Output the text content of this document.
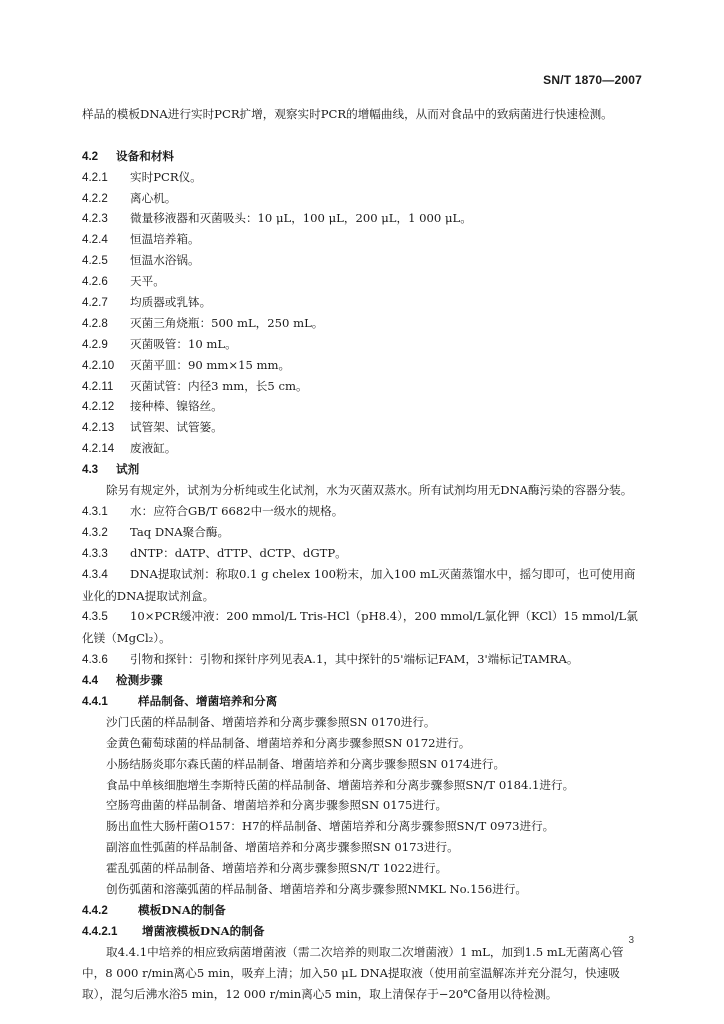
SN/T 1870—2007
样品的模板DNA进行实时PCR扩增，观察实时PCR的增幅曲线，从而对食品中的致病菌进行快速检测。
4.2 设备和材料
4.2.1 实时PCR仪。
4.2.2 离心机。
4.2.3 微量移液器和灭菌吸头：10 μL，100 μL，200 μL，1 000 μL。
4.2.4 恒温培养箱。
4.2.5 恒温水浴锅。
4.2.6 天平。
4.2.7 均质器或乳钵。
4.2.8 灭菌三角烧瓶：500 mL，250 mL。
4.2.9 灭菌吸管：10 mL。
4.2.10 灭菌平皿：90 mm×15 mm。
4.2.11 灭菌试管：内径3 mm，长5 cm。
4.2.12 接种棒、镍铬丝。
4.2.13 试管架、试管篓。
4.2.14 废液缸。
4.3 试剂
除另有规定外，试剂为分析纯或生化试剂，水为灭菌双蒸水。所有试剂均用无DNA酶污染的容器分装。
4.3.1 水：应符合GB/T 6682中一级水的规格。
4.3.2 Taq DNA聚合酶。
4.3.3 dNTP：dATP、dTTP、dCTP、dGTP。
4.3.4 DNA提取试剂：称取0.1 g chelex 100粉末，加入100 mL灭菌蒸馏水中，摇匀即可，也可使用商业化的DNA提取试剂盒。
4.3.5 10×PCR缓冲液：200 mmol/L Tris-HCl（pH8.4），200 mmol/L氯化钾（KCl）15 mmol/L氯化镁（MgCl₂）。
4.3.6 引物和探针：引物和探针序列见表A.1，其中探针的5'端标记FAM，3'端标记TAMRA。
4.4 检测步骤
4.4.1	样品制备、增菌培养和分离
沙门氏菌的样品制备、增菌培养和分离步骤参照SN 0170进行。
金黄色葡萄球菌的样品制备、增菌培养和分离步骤参照SN 0172进行。
小肠结肠炎耶尔森氏菌的样品制备、增菌培养和分离步骤参照SN 0174进行。
食品中单核细胞增生李斯特氏菌的样品制备、增菌培养和分离步骤参照SN/T 0184.1进行。
空肠弯曲菌的样品制备、增菌培养和分离步骤参照SN 0175进行。
肠出血性大肠杆菌O157：H7的样品制备、增菌培养和分离步骤参照SN/T 0973进行。
副溶血性弧菌的样品制备、增菌培养和分离步骤参照SN 0173进行。
霍乱弧菌的样品制备、增菌培养和分离步骤参照SN/T 1022进行。
创伤弧菌和溶藻弧菌的样品制备、增菌培养和分离步骤参照NMKL No.156进行。
4.4.2	模板DNA的制备
4.4.2.1 增菌液模板DNA的制备
取4.4.1中培养的相应致病菌增菌液（需二次培养的则取二次增菌液）1 mL，加到1.5 mL无菌离心管中，8 000 r/min离心5 min，吸弃上清；加入50 μL DNA提取液（使用前室温解冻并充分混匀，快速吸取），混匀后沸水浴5 min，12 000 r/min离心5 min，取上清保存于−20℃备用以待检测。
3
